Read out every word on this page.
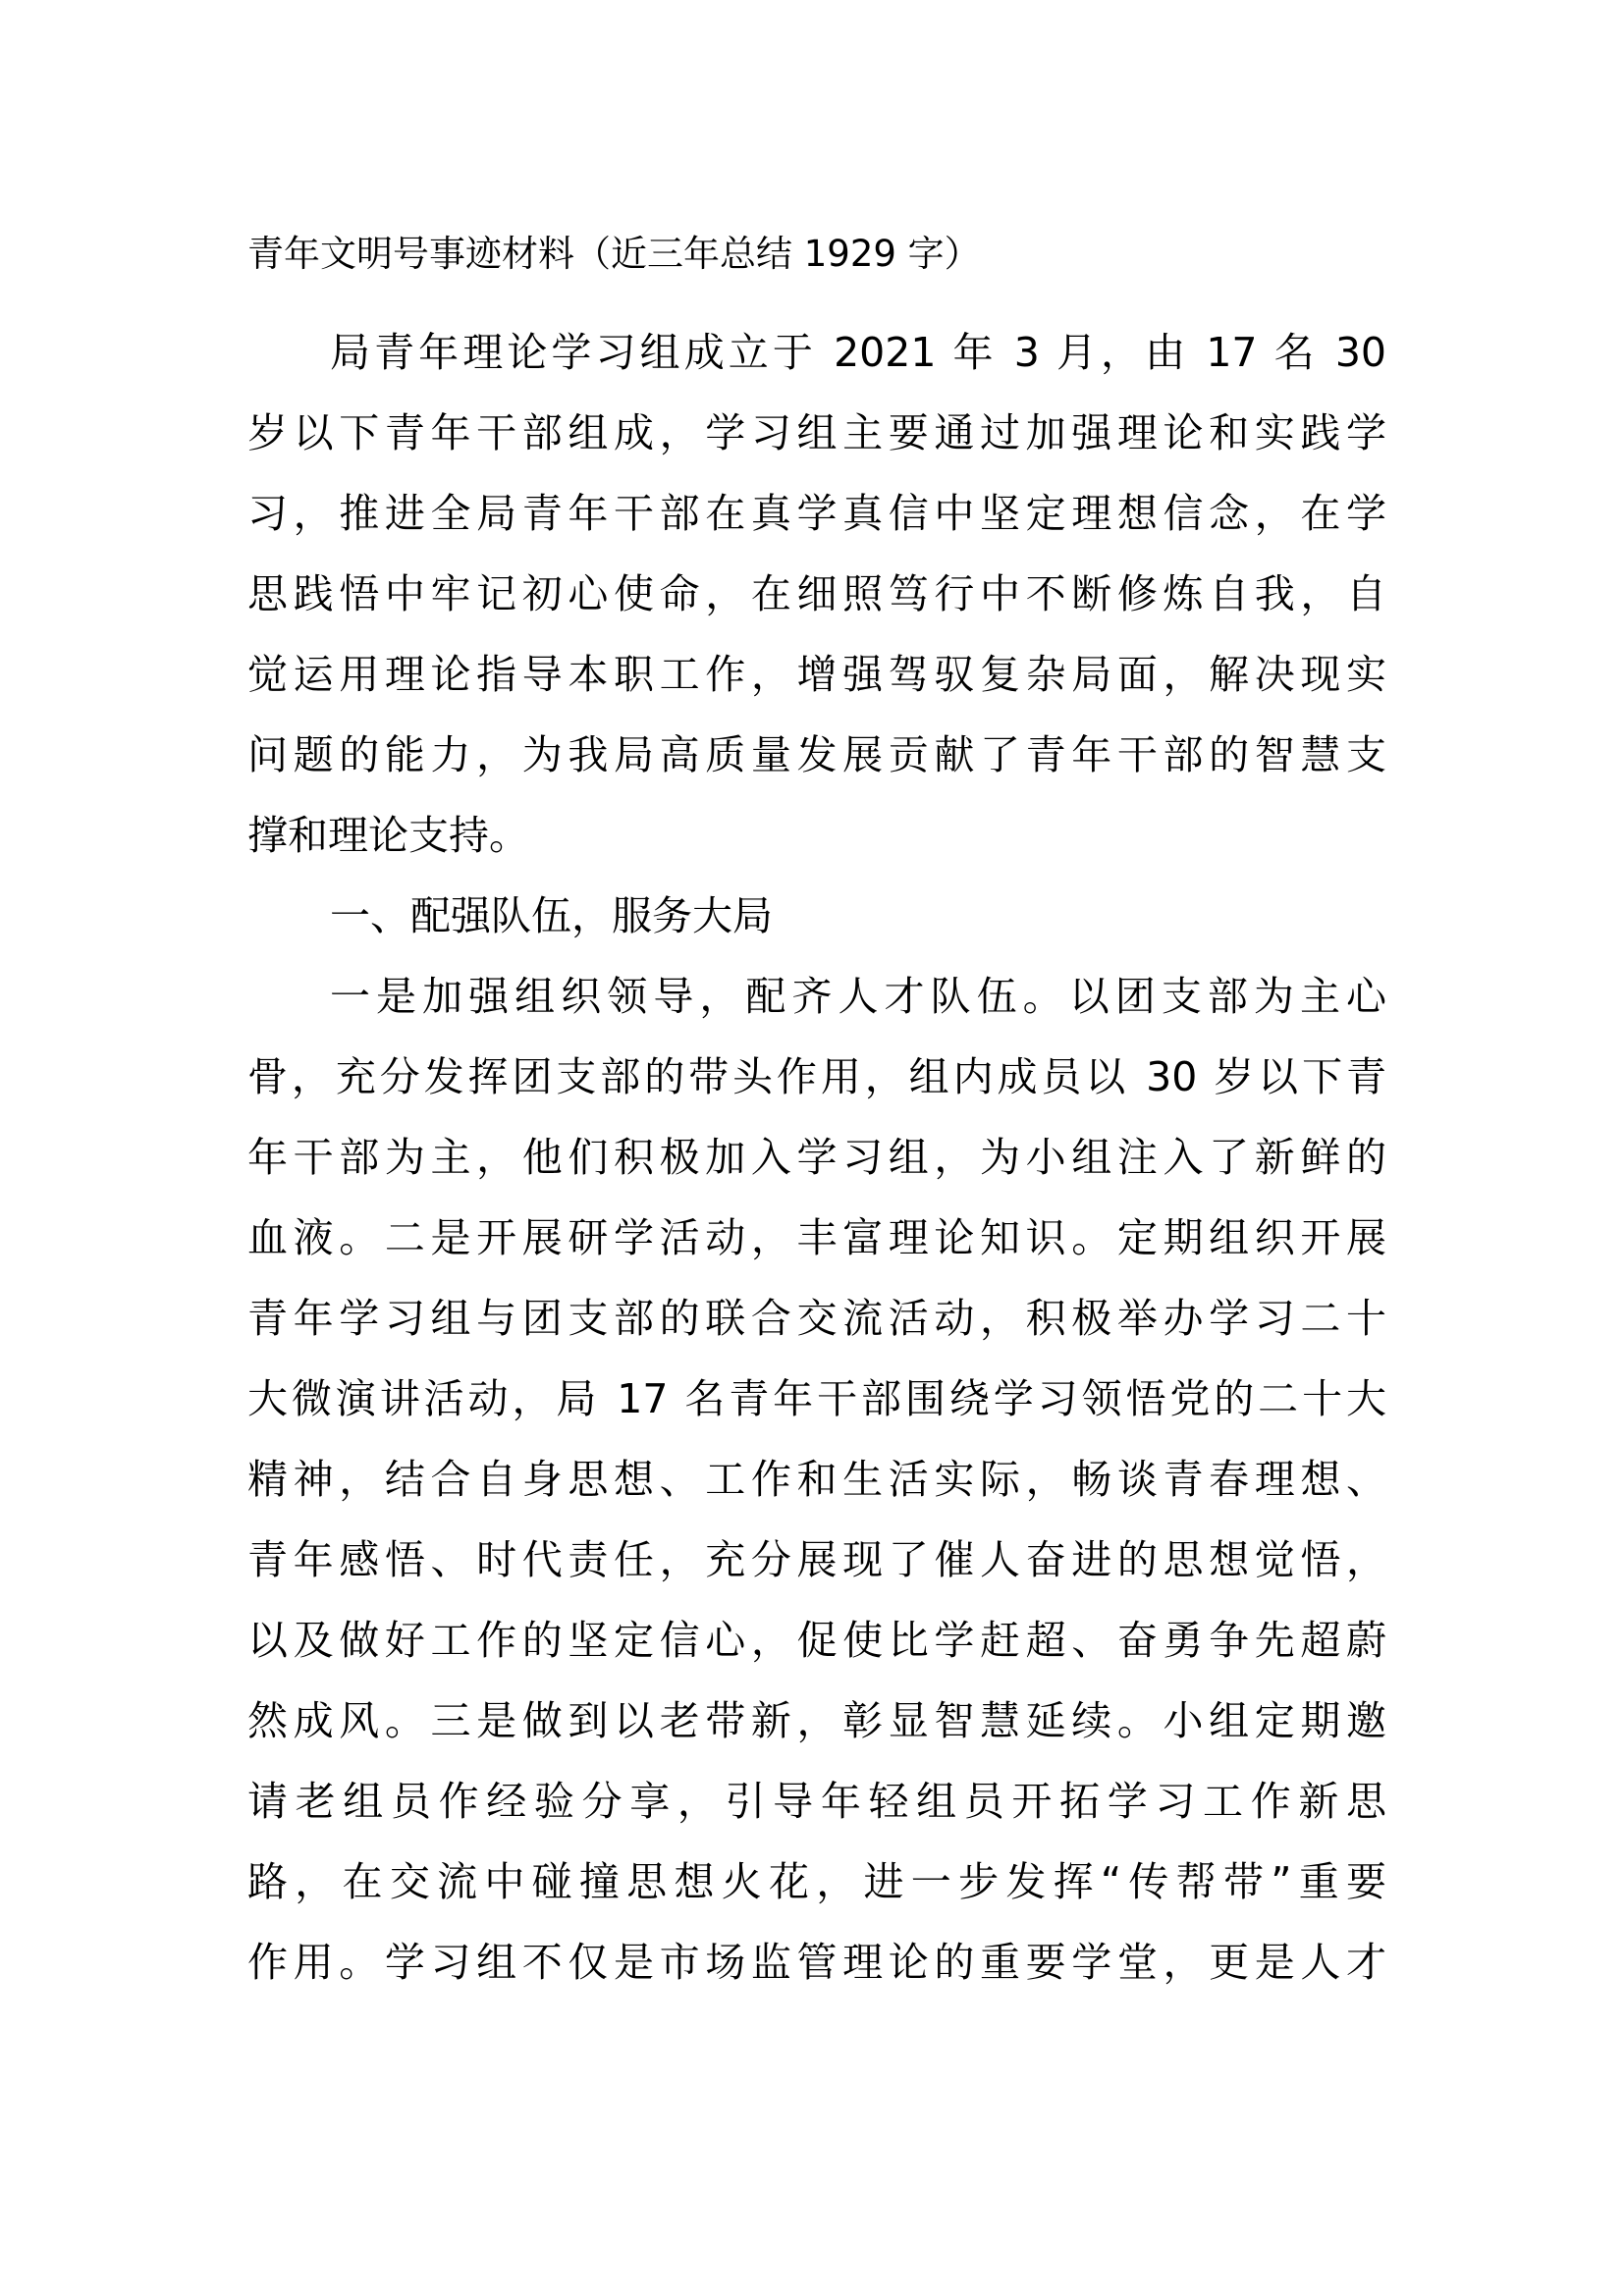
青年文明号事迹材料（近三年总结 1929 字）
局青年理论学习组成立于 2021 年 3 月，由 17 名 30
岁以下青年干部组成，学习组主要通过加强理论和实践学
习，推进全局青年干部在真学真信中坚定理想信念，在学
思践悟中牢记初心使命，在细照笃行中不断修炼自我，自
觉运用理论指导本职工作，增强驾驭复杂局面，解决现实
问题的能力，为我局高质量发展贡献了青年干部的智慧支
撑和理论支持。
一、配强队伍，服务大局
一是加强组织领导，配齐人才队伍。以团支部为主心
骨，充分发挥团支部的带头作用，组内成员以 30 岁以下青
年干部为主，他们积极加入学习组，为小组注入了新鲜的
血液。二是开展研学活动，丰富理论知识。定期组织开展
青年学习组与团支部的联合交流活动，积极举办学习二十
大微演讲活动，局 17 名青年干部围绕学习领悟党的二十大
精神，结合自身思想、工作和生活实际，畅谈青春理想、
青年感悟、时代责任，充分展现了催人奋进的思想觉悟，
以及做好工作的坚定信心，促使比学赶超、奋勇争先超蔚
然成风。三是做到以老带新，彰显智慧延续。小组定期邀
请老组员作经验分享，引导年轻组员开拓学习工作新思
路，在交流中碰撞思想火花，进一步发挥“传帮带”重要
作用。学习组不仅是市场监管理论的重要学堂，更是人才
